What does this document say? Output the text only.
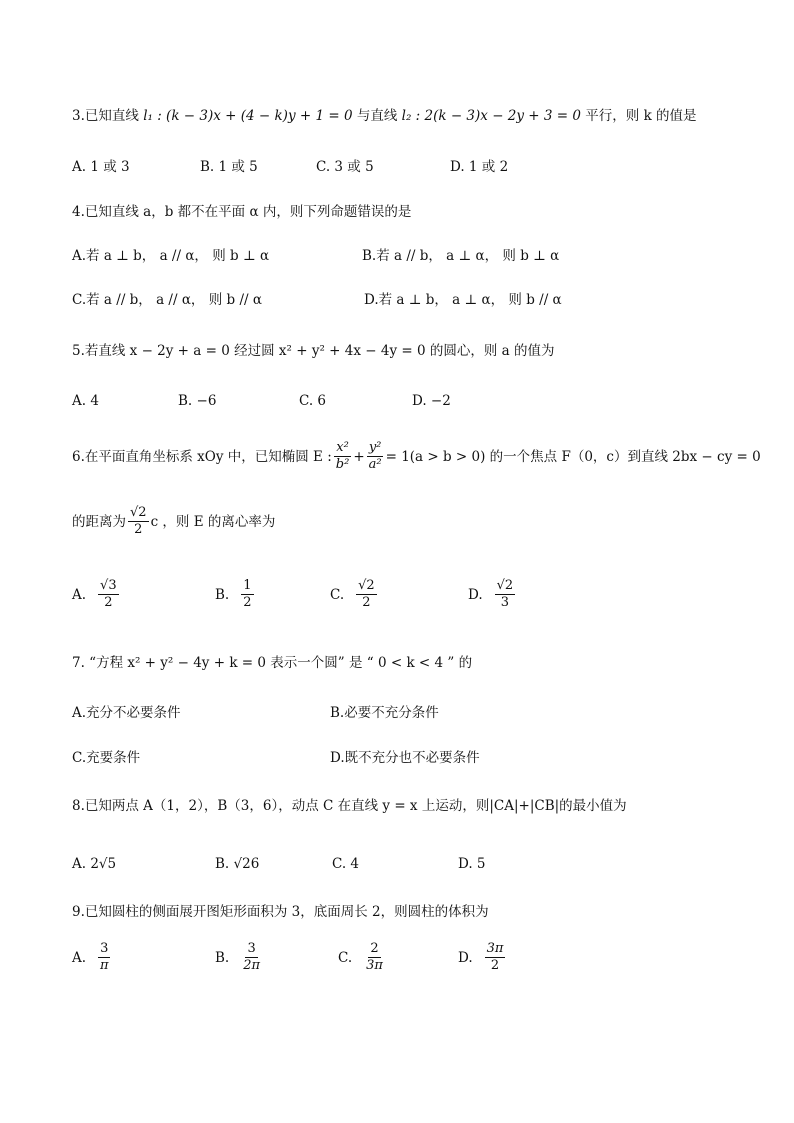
3.已知直线 l₁ : (k − 3)x + (4 − k)y + 1 = 0 与直线 l₂ : 2(k − 3)x − 2y + 3 = 0 平行，则 k 的值是
A. 1 或 3	B. 1 或 5	C. 3 或 5	D. 1 或 2
4.已知直线 a，b 都不在平面 α 内，则下列命题错误的是
A.若 a ⊥ b， a // α， 则 b ⊥ α	B.若 a // b， a ⊥ α， 则 b ⊥ α
C.若 a // b， a // α， 则 b // α	D.若 a ⊥ b， a ⊥ α， 则 b // α
5.若直线 x − 2y + a = 0 经过圆 x² + y² + 4x − 4y = 0 的圆心，则 a 的值为
A. 4	B. −6	C. 6	D. −2
6.在平面直角坐标系 xOy 中，已知椭圆 E : $\frac{\text{x²}}{\text{b²}} + \frac{\text{y²}}{\text{a²}} = 1(a > b > 0)$ 的一个焦点 F（0，c）到直线 2bx − cy = 0
的距离为 $\frac{√2}{2}$ c ，则 E 的离心率为
A. $\frac{√3}{2}$	B. $\frac{1}{2}$	C. $\frac{√2}{2}$	D. $\frac{√2}{3}$
7. “方程 x² + y² − 4y + k = 0 表示一个圆” 是 “ 0 < k < 4 ” 的
A.充分不必要条件	B.必要不充分条件
C.充要条件	D.既不充分也不必要条件
8.已知两点 A（1，2），B（3，6），动点 C 在直线 y = x 上运动，则|CA|+|CB|的最小值为
A. 2√5	B. √26	C. 4	D. 5
9.已知圆柱的侧面展开图矩形面积为 3，底面周长 2，则圆柱的体积为
A. $\frac{3}{\pi}$	B. $\frac{3}{2\pi}$	C. $\frac{2}{3\pi}$	D. $\frac{3\pi}{2}$
